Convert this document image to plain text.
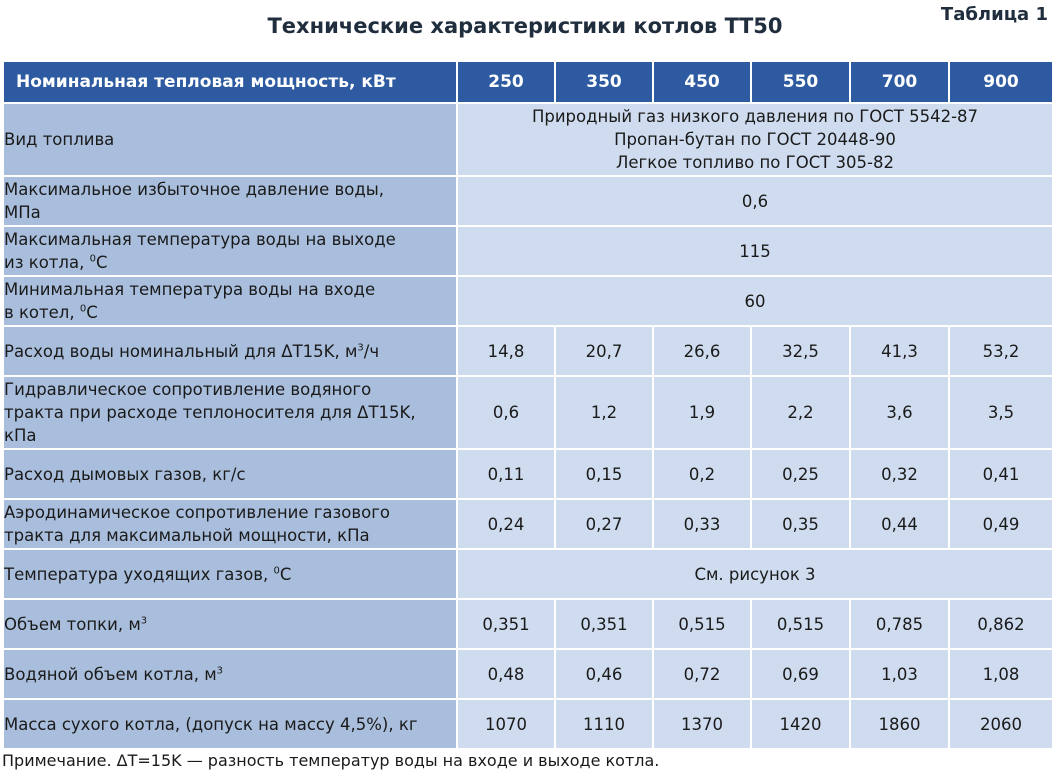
Таблица 1
Технические характеристики котлов ТТ50
Номинальная тепловая мощность, кВт	250	350	450	550	700	900
Вид топлива	Природный газ низкого давления по ГОСТ 5542-87
Пропан-бутан по ГОСТ 20448-90
Легкое топливо по ГОСТ 305-82					

Максимальное избыточное давление воды,
МПа	0,6					

Максимальная температура воды на выходе
из котла, $^0$С	115					

Минимальная температура воды на входе
в котел, $^0$С	60					
Расход воды номинальный для ΔT15K, $м^3/ч$	14,8	20,7	26,6	32,5	41,3	53,2

Гидравлическое сопротивление водяного
тракта при расходе теплоносителя для ΔT15K,
кПа	0,6	1,2	1,9	2,2	3,6	3,5
Расход дымовых газов, кг/с	0,11	0,15	0,2	0,25	0,32	0,41

Аэродинамическое сопротивление газового
тракта для максимальной мощности, кПа	0,24	0,27	0,33	0,35	0,44	0,49
Температура уходящих газов, $^0$С	См. рисунок 3					
Объем топки, $м^3$	0,351	0,351	0,515	0,515	0,785	0,862
Водяной объем котла, $м^3$	0,48	0,46	0,72	0,69	1,03	1,08
Масса сухого котла, (допуск на массу 4,5%), кг	1070	1110	1370	1420	1860	2060
Примечание. ΔT=15K — разность температур воды на входе и выходе котла.
